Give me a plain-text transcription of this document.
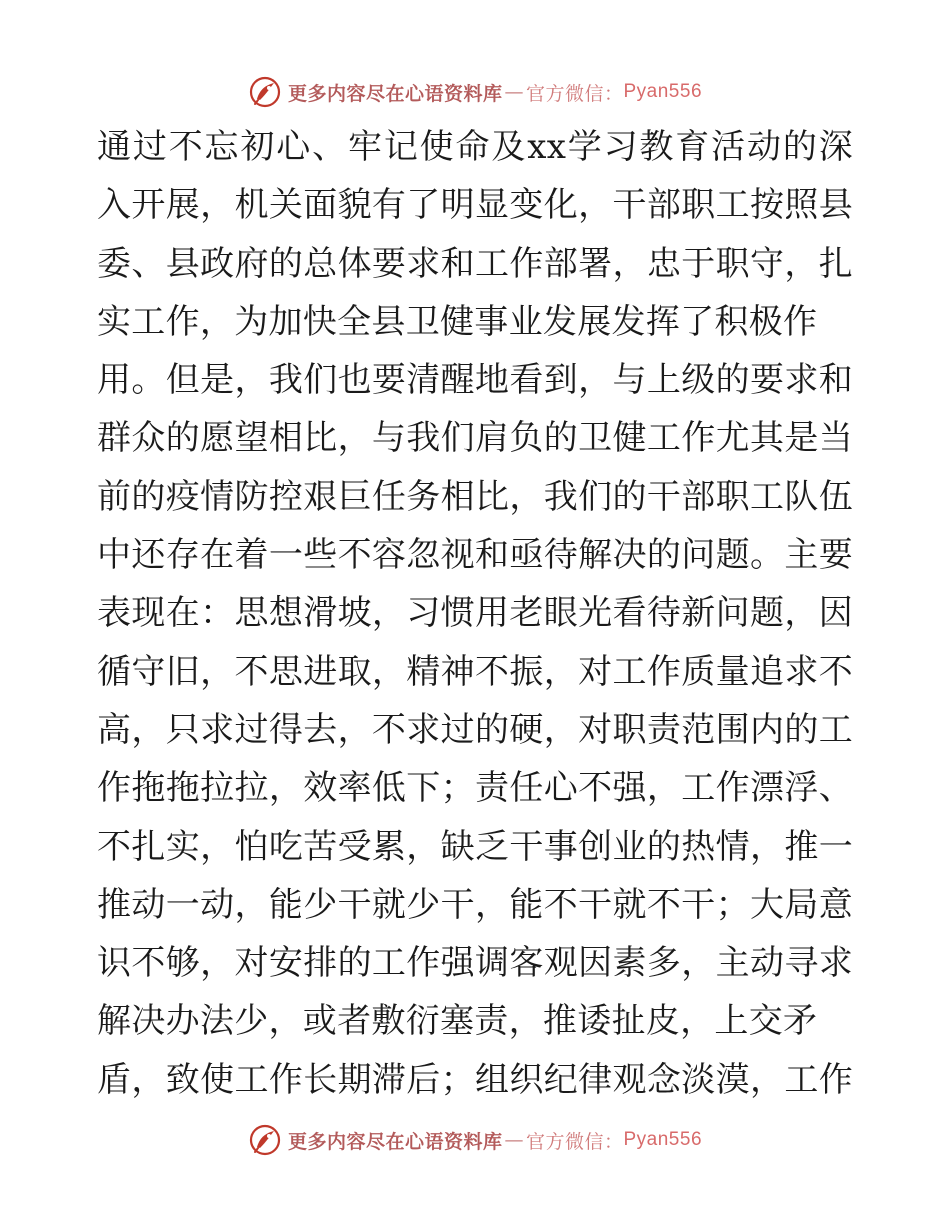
更多内容尽在心语资料库 — 官方微信： Pyan556
通过不忘初心、牢记使命及xx学习教育活动的深
入开展，机关面貌有了明显变化，干部职工按照县
委、县政府的总体要求和工作部署，忠于职守，扎
实工作，为加快全县卫健事业发展发挥了积极作
用。但是，我们也要清醒地看到，与上级的要求和
群众的愿望相比，与我们肩负的卫健工作尤其是当
前的疫情防控艰巨任务相比，我们的干部职工队伍
中还存在着一些不容忽视和亟待解决的问题。主要
表现在：思想滑坡，习惯用老眼光看待新问题，因
循守旧，不思进取，精神不振，对工作质量追求不
高，只求过得去，不求过的硬，对职责范围内的工
作拖拖拉拉，效率低下；责任心不强，工作漂浮、
不扎实，怕吃苦受累，缺乏干事创业的热情，推一
推动一动，能少干就少干，能不干就不干；大局意
识不够，对安排的工作强调客观因素多，主动寻求
解决办法少，或者敷衍塞责，推诿扯皮，上交矛
盾，致使工作长期滞后；组织纪律观念淡漠，工作
更多内容尽在心语资料库 — 官方微信： Pyan556
